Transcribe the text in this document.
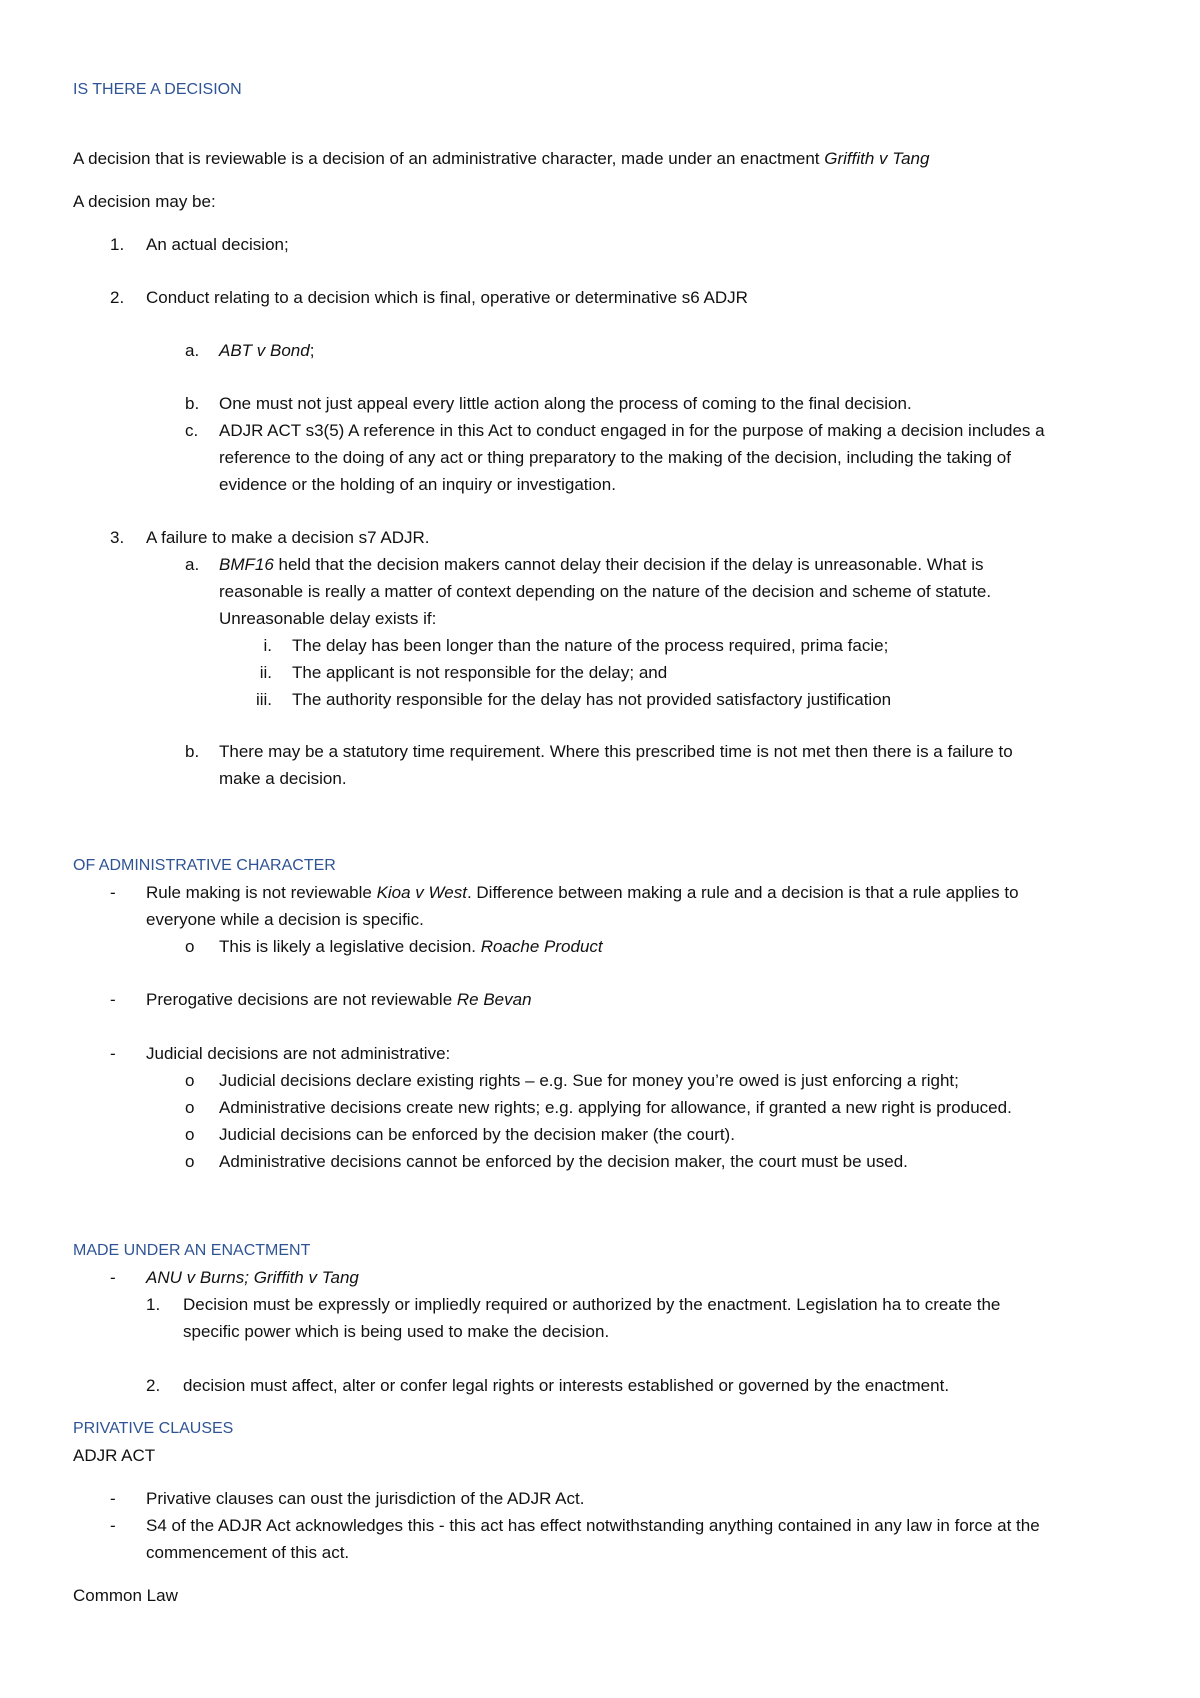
IS THERE A DECISION
A decision that is reviewable is a decision of an administrative character, made under an enactment Griffith v Tang
A decision may be:
1. An actual decision;
2. Conduct relating to a decision which is final, operative or determinative s6 ADJR
a. ABT v Bond;
b. One must not just appeal every little action along the process of coming to the final decision.
c. ADJR ACT s3(5) A reference in this Act to conduct engaged in for the purpose of making a decision includes a
reference to the doing of any act or thing preparatory to the making of the decision, including the taking of
evidence or the holding of an inquiry or investigation.
3. A failure to make a decision s7 ADJR.
a. BMF16 held that the decision makers cannot delay their decision if the delay is unreasonable. What is
reasonable is really a matter of context depending on the nature of the decision and scheme of statute.
Unreasonable delay exists if:
i. The delay has been longer than the nature of the process required, prima facie;
ii. The applicant is not responsible for the delay; and
iii. The authority responsible for the delay has not provided satisfactory justification
b. There may be a statutory time requirement. Where this prescribed time is not met then there is a failure to
make a decision.
OF ADMINISTRATIVE CHARACTER
- Rule making is not reviewable Kioa v West. Difference between making a rule and a decision is that a rule applies to
everyone while a decision is specific.
o This is likely a legislative decision. Roache Product
- Prerogative decisions are not reviewable Re Bevan
- Judicial decisions are not administrative:
o Judicial decisions declare existing rights – e.g. Sue for money you’re owed is just enforcing a right;
o Administrative decisions create new rights; e.g. applying for allowance, if granted a new right is produced.
o Judicial decisions can be enforced by the decision maker (the court).
o Administrative decisions cannot be enforced by the decision maker, the court must be used.
MADE UNDER AN ENACTMENT
- ANU v Burns; Griffith v Tang
1. Decision must be expressly or impliedly required or authorized by the enactment. Legislation ha to create the
specific power which is being used to make the decision.
2. decision must affect, alter or confer legal rights or interests established or governed by the enactment.
PRIVATIVE CLAUSES
ADJR ACT
- Privative clauses can oust the jurisdiction of the ADJR Act.
- S4 of the ADJR Act acknowledges this - this act has effect notwithstanding anything contained in any law in force at the
commencement of this act.
Common Law
